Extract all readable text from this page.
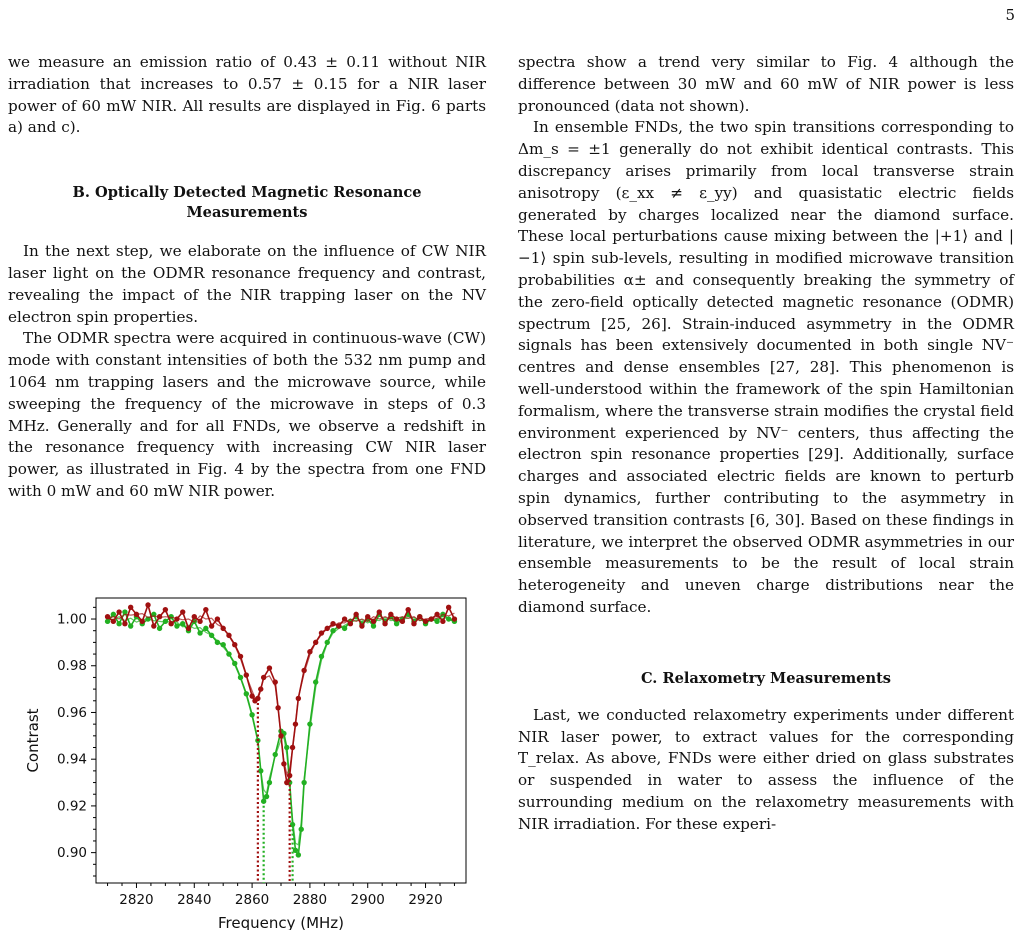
5

we measure an emission ratio of 0.43 ± 0.11 without NIR irradiation that increases to 0.57 ± 0.15 for a NIR laser power of 60 mW NIR. All results are displayed in Fig. 6 parts a) and c).

B. Optically Detected Magnetic Resonance Measurements

In the next step, we elaborate on the influence of CW NIR laser light on the ODMR resonance frequency and contrast, revealing the impact of the NIR trapping laser on the NV electron spin properties.

The ODMR spectra were acquired in continuous-wave (CW) mode with constant intensities of both the 532 nm pump and 1064 nm trapping lasers and the microwave source, while sweeping the frequency of the microwave in steps of 0.3 MHz. Generally and for all FNDs, we observe a redshift in the resonance frequency with increasing CW NIR laser power, as illustrated in Fig. 4 by the spectra from one FND with 0 mW and 60 mW NIR power.

2820 2840 2860 2880 2900 2920
0.90
0.92
0.94
0.96
0.98
1.00
Frequency (MHz)
Contrast

spectra show a trend very similar to Fig. 4 although the difference between 30 mW and 60 mW of NIR power is less pronounced (data not shown).

In ensemble FNDs, the two spin transitions corresponding to Δm_s = ±1 generally do not exhibit identical contrasts. This discrepancy arises primarily from local transverse strain anisotropy (ε_xx ≠ ε_yy) and quasistatic electric fields generated by charges localized near the diamond surface. These local perturbations cause mixing between the |+1⟩ and |−1⟩ spin sub-levels, resulting in modified microwave transition probabilities α± and consequently breaking the symmetry of the zero-field optically detected magnetic resonance (ODMR) spectrum [25, 26]. Strain-induced asymmetry in the ODMR signals has been extensively documented in both single NV⁻ centres and dense ensembles [27, 28]. This phenomenon is well-understood within the framework of the spin Hamiltonian formalism, where the transverse strain modifies the crystal field environment experienced by NV⁻ centers, thus affecting the electron spin resonance properties [29]. Additionally, surface charges and associated electric fields are known to perturb spin dynamics, further contributing to the asymmetry in observed transition contrasts [6, 30]. Based on these findings in literature, we interpret the observed ODMR asymmetries in our ensemble measurements to be the result of local strain heterogeneity and uneven charge distributions near the diamond surface.

C. Relaxometry Measurements

Last, we conducted relaxometry experiments under different NIR laser power, to extract values for the corresponding T_relax. As above, FNDs were either dried on glass substrates or suspended in water to assess the influence of the surrounding medium on the relaxometry measurements with NIR irradiation. For these experi-
